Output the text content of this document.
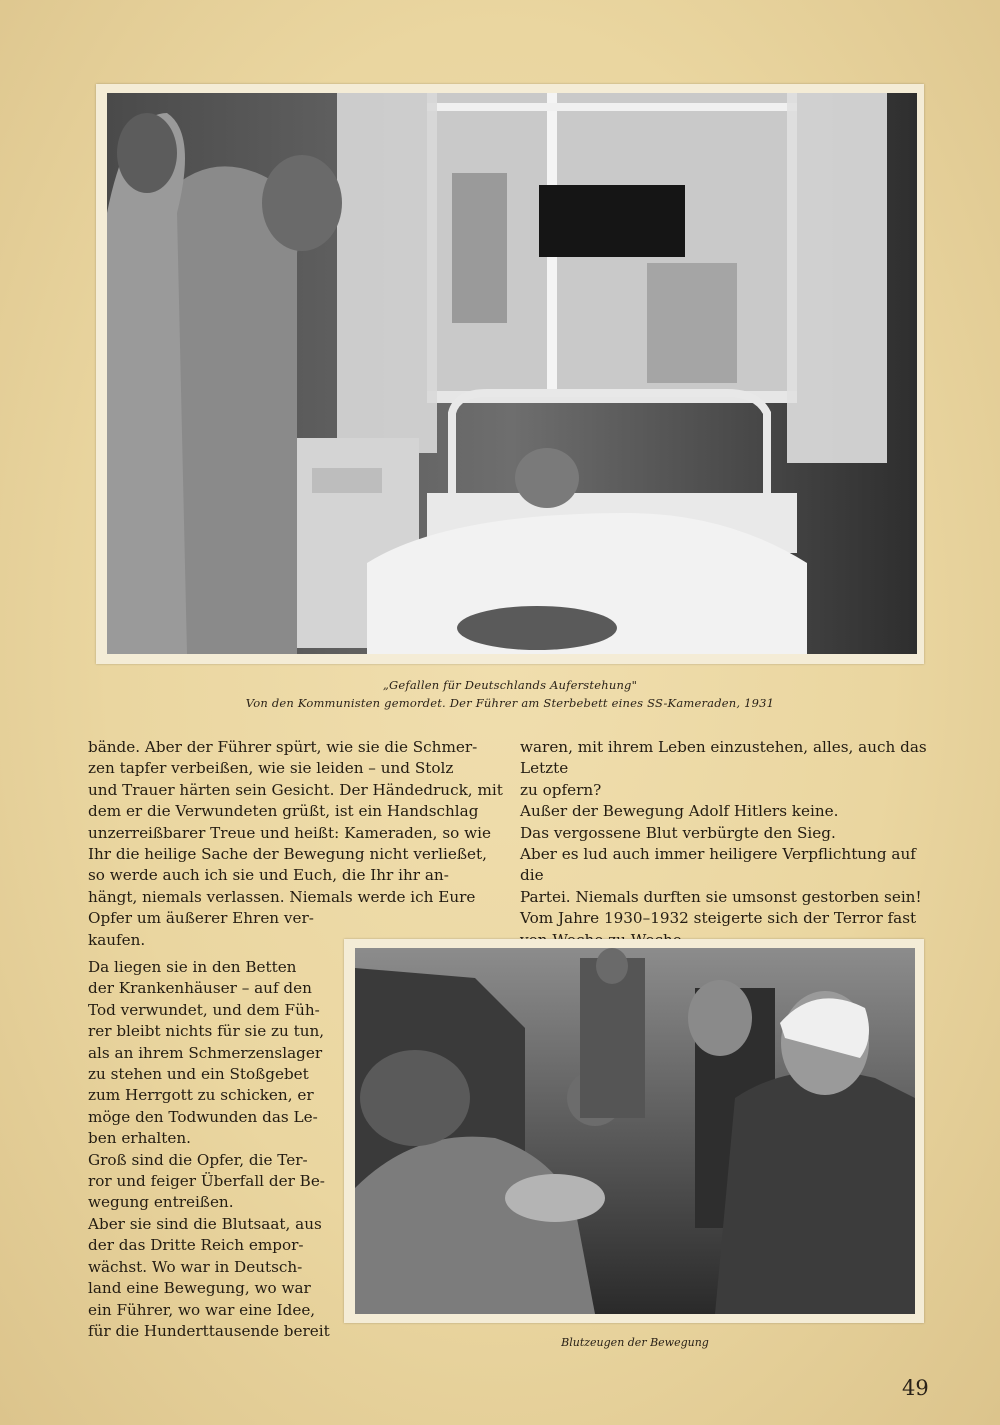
„Gefallen für Deutschlands Auferstehung"
Von den Kommunisten gemordet. Der Führer am Sterbebett eines SS-Kameraden, 1931

bände. Aber der Führer spürt, wie sie die Schmer-

zen tapfer verbeißen, wie sie leiden – und Stolz

und Trauer härten sein Gesicht. Der Händedruck, mit

dem er die Verwundeten grüßt, ist ein Handschlag

unzerreißbarer Treue und heißt: Kameraden, so wie

Ihr die heilige Sache der Bewegung nicht verließet,

so werde auch ich sie und Euch, die Ihr ihr an-

hängt, niemals verlassen. Niemals werde ich Eure

Opfer um äußerer Ehren ver-

kaufen.

waren, mit ihrem Leben einzustehen, alles, auch das Letzte

zu opfern?

Außer der Bewegung Adolf Hitlers keine.

Das vergossene Blut verbürgte den Sieg.

Aber es lud auch immer heiligere Verpflichtung auf die

Partei. Niemals durften sie umsonst gestorben sein!

Vom Jahre 1930–1932 steigerte sich der Terror fast

Da liegen sie in den Betten

der Krankenhäuser – auf den

Tod verwundet, und dem Füh-

rer bleibt nichts für sie zu tun,

als an ihrem Schmerzenslager

zu stehen und ein Stoßgebet

zum Herrgott zu schicken, er

möge den Todwunden das Le-

ben erhalten.

Groß sind die Opfer, die Ter-

ror und feiger Überfall der Be-

wegung entreißen.

Aber sie sind die Blutsaat, aus

der das Dritte Reich empor-

wächst. Wo war in Deutsch-

land eine Bewegung, wo war

ein Führer, wo war eine Idee,

für die Hunderttausende bereit

Blutzeugen der Bewegung
49
